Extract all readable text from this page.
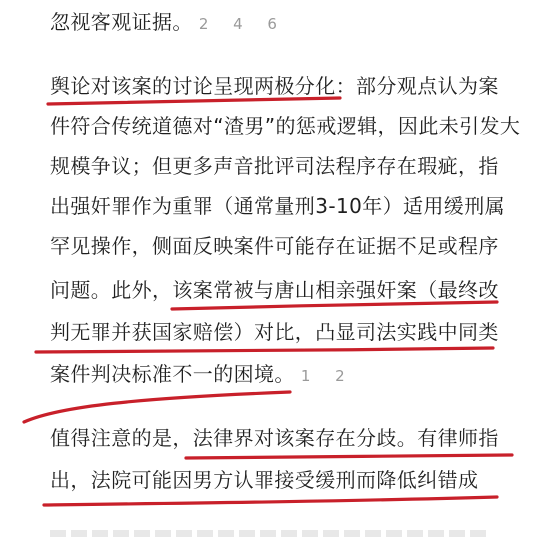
忽视客观证据。 2 4 6
舆论对该案的讨论呈现两极分化：部分观点认为案
件符合传统道德对“渣男”的惩戒逻辑，因此未引发大
规模争议；但更多声音批评司法程序存在瑕疵，指
出强奸罪作为重罪（通常量刑3-10年）适用缓刑属
罕见操作，侧面反映案件可能存在证据不足或程序
问题。此外，该案常被与唐山相亲强奸案（最终改
判无罪并获国家赔偿）对比，凸显司法实践中同类
案件判决标准不一的困境。 1 2
值得注意的是，法律界对该案存在分歧。有律师指
出，法院可能因男方认罪接受缓刑而降低纠错成
